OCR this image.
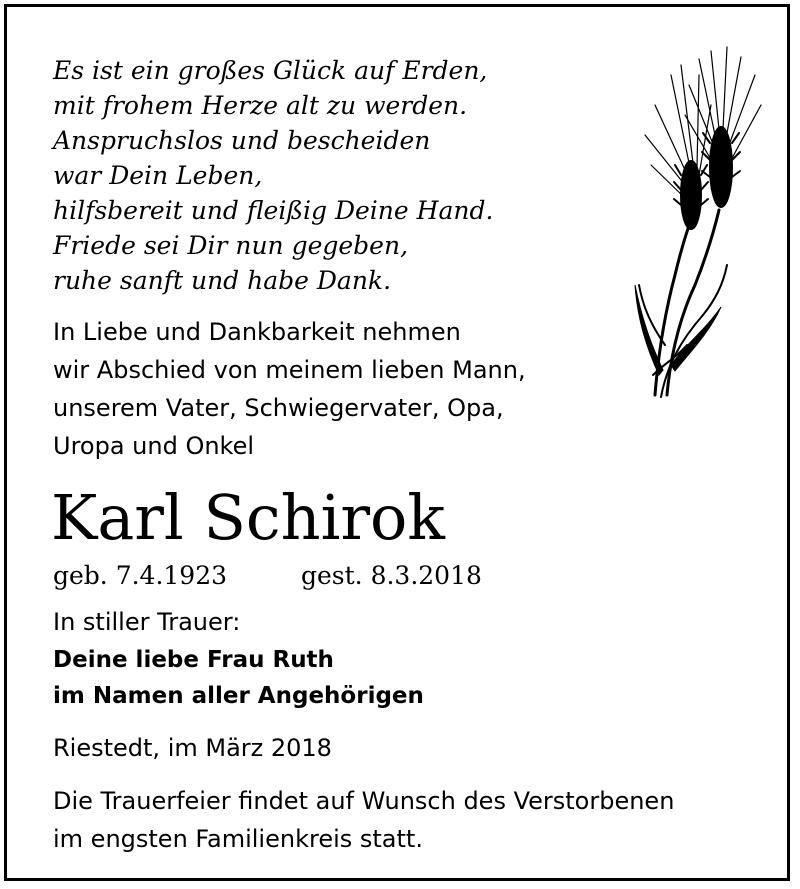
Es ist ein großes Glück auf Erden,
mit frohem Herze alt zu werden.
Anspruchslos und bescheiden
war Dein Leben,
hilfsbereit und fleißig Deine Hand.
Friede sei Dir nun gegeben,
ruhe sanft und habe Dank.
In Liebe und Dankbarkeit nehmen
wir Abschied von meinem lieben Mann,
unserem Vater, Schwiegervater, Opa,
Uropa und Onkel
Karl Schirok
geb. 7.4.1923	gest. 8.3.2018
In stiller Trauer:
Deine liebe Frau Ruth
im Namen aller Angehörigen
Riestedt, im März 2018
Die Trauerfeier findet auf Wunsch des Verstorbenen
im engsten Familienkreis statt.
